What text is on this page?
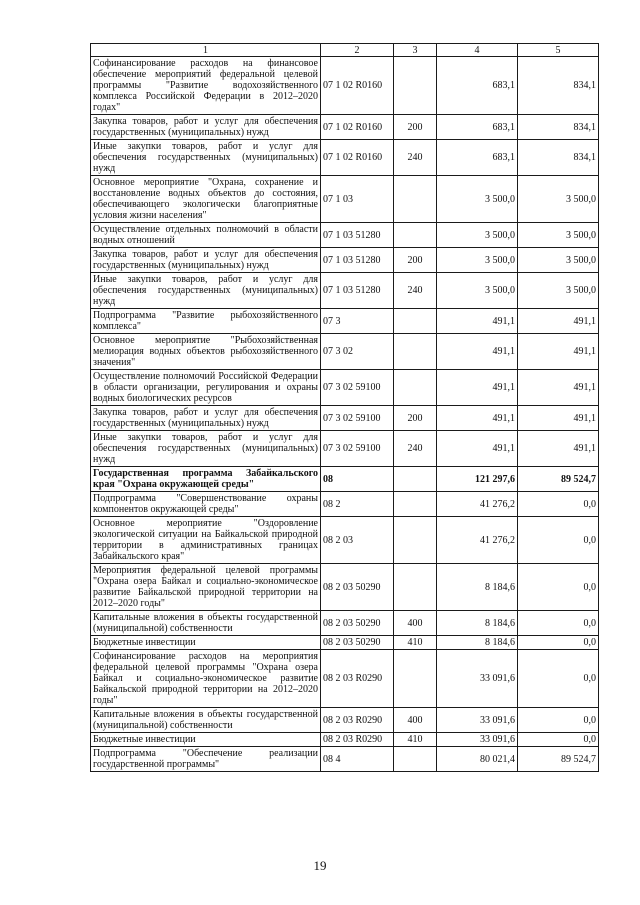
1	2	3	4	5
Софинансирование расходов на финансовое обеспечение мероприятий федеральной целевой программы "Развитие водохозяйственного комплекса Российской Федерации в 2012–2020 годах"	07 1 02 R0160		683,1	834,1
Закупка товаров, работ и услуг для обеспечения государственных (муниципальных) нужд	07 1 02 R0160	200	683,1	834,1
Иные закупки товаров, работ и услуг для обеспечения государственных (муниципальных) нужд	07 1 02 R0160	240	683,1	834,1
Основное мероприятие "Охрана, сохранение и восстановление водных объектов до состояния, обеспечивающего экологически благоприятные условия жизни населения"	07 1 03		3 500,0	3 500,0
Осуществление отдельных полномочий в области водных отношений	07 1 03 51280		3 500,0	3 500,0
Закупка товаров, работ и услуг для обеспечения государственных (муниципальных) нужд	07 1 03 51280	200	3 500,0	3 500,0
Иные закупки товаров, работ и услуг для обеспечения государственных (муниципальных) нужд	07 1 03 51280	240	3 500,0	3 500,0
Подпрограмма "Развитие рыбохозяйственного комплекса"	07 3		491,1	491,1
Основное мероприятие "Рыбохозяйственная мелиорация водных объектов рыбохозяйственного значения"	07 3 02		491,1	491,1
Осуществление полномочий Российской Федерации в области организации, регулирования и охраны водных биологических ресурсов	07 3 02 59100		491,1	491,1
Закупка товаров, работ и услуг для обеспечения государственных (муниципальных) нужд	07 3 02 59100	200	491,1	491,1
Иные закупки товаров, работ и услуг для обеспечения государственных (муниципальных) нужд	07 3 02 59100	240	491,1	491,1
Государственная программа Забайкальского края "Охрана окружающей среды"	08		121 297,6	89 524,7
Подпрограмма "Совершенствование охраны компонентов окружающей среды"	08 2		41 276,2	0,0
Основное мероприятие "Оздоровление экологической ситуации на Байкальской природной территории в административных границах Забайкальского края"	08 2 03		41 276,2	0,0
Мероприятия федеральной целевой программы "Охрана озера Байкал и социально-экономическое развитие Байкальской природной территории на 2012–2020 годы"	08 2 03 50290		8 184,6	0,0
Капитальные вложения в объекты государственной (муниципальной) собственности	08 2 03 50290	400	8 184,6	0,0
Бюджетные инвестиции	08 2 03 50290	410	8 184,6	0,0
Софинансирование расходов на мероприятия федеральной целевой программы "Охрана озера Байкал и социально-экономическое развитие Байкальской природной территории на 2012–2020 годы"	08 2 03 R0290		33 091,6	0,0
Капитальные вложения в объекты государственной (муниципальной) собственности	08 2 03 R0290	400	33 091,6	0,0
Бюджетные инвестиции	08 2 03 R0290	410	33 091,6	0,0
Подпрограмма "Обеспечение реализации государственной программы"	08 4		80 021,4	89 524,7
19
